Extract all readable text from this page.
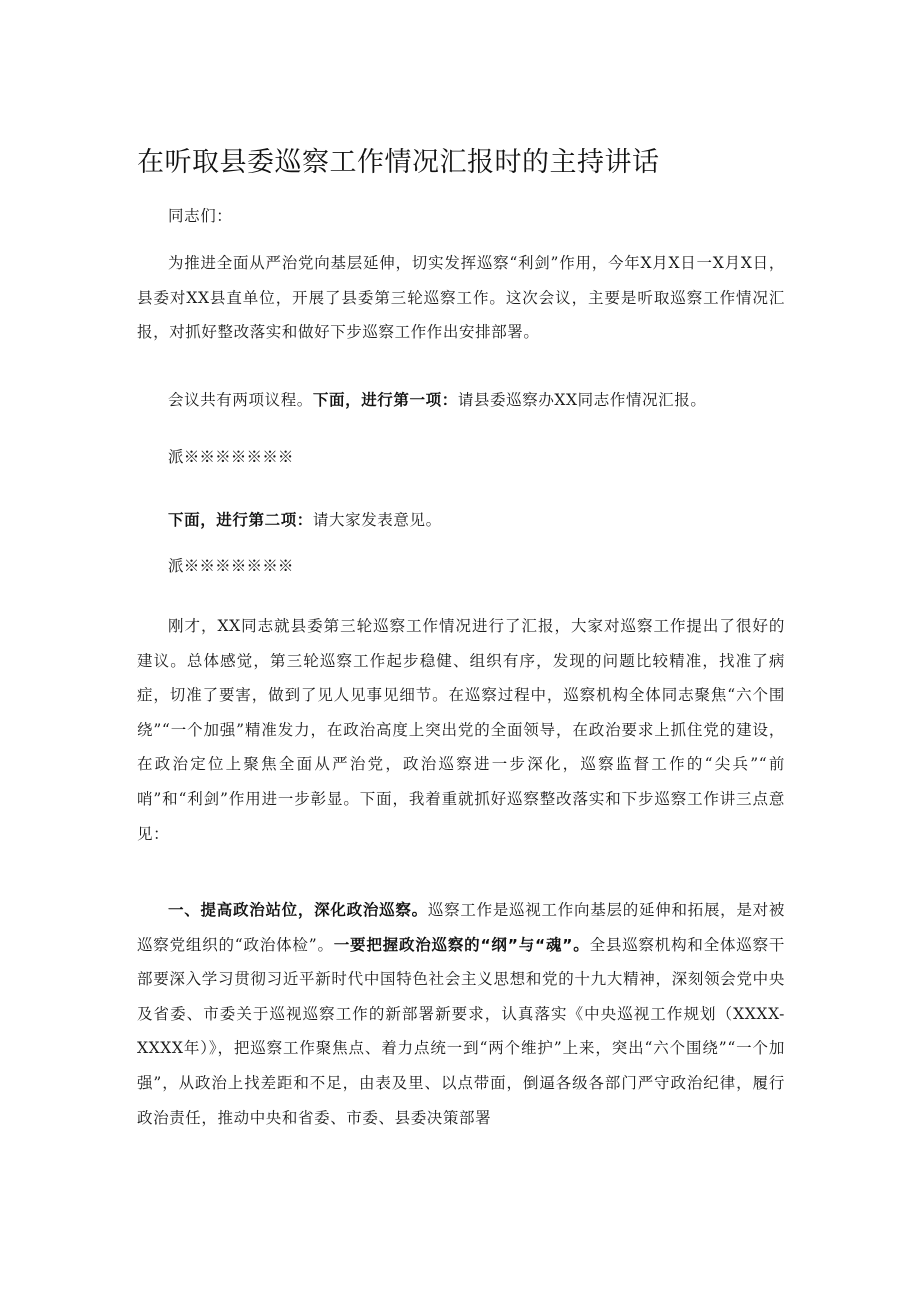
在听取县委巡察工作情况汇报时的主持讲话
同志们：
为推进全面从严治党向基层延伸，切实发挥巡察“利剑”作用，今年X月X日一X月X日，县委对XX县直单位，开展了县委第三轮巡察工作。这次会议，主要是听取巡察工作情况汇报，对抓好整改落实和做好下步巡察工作作出安排部署。
会议共有两项议程。下面，进行第一项：请县委巡察办XX同志作情况汇报。
派※※※※※※※
下面，进行第二项：请大家发表意见。
派※※※※※※※
刚才，XX同志就县委第三轮巡察工作情况进行了汇报，大家对巡察工作提出了很好的建议。总体感觉，第三轮巡察工作起步稳健、组织有序，发现的问题比较精准，找准了病症，切准了要害，做到了见人见事见细节。在巡察过程中，巡察机构全体同志聚焦“六个围绕”“一个加强”精准发力，在政治高度上突出党的全面领导，在政治要求上抓住党的建设，在政治定位上聚焦全面从严治党，政治巡察进一步深化，巡察监督工作的“尖兵”“前哨”和“利剑”作用进一步彰显。下面，我着重就抓好巡察整改落实和下步巡察工作讲三点意见：
一、提高政治站位，深化政治巡察。巡察工作是巡视工作向基层的延伸和拓展，是对被巡察党组织的“政治体检”。一要把握政治巡察的“纲”与“魂”。全县巡察机构和全体巡察干部要深入学习贯彻习近平新时代中国特色社会主义思想和党的十九大精神，深刻领会党中央及省委、市委关于巡视巡察工作的新部署新要求，认真落实《中央巡视工作规划（XXXX-XXXX年）》，把巡察工作聚焦点、着力点统一到“两个维护”上来，突出“六个围绕”“一个加强”，从政治上找差距和不足，由表及里、以点带面，倒逼各级各部门严守政治纪律，履行政治责任，推动中央和省委、市委、县委决策部署
